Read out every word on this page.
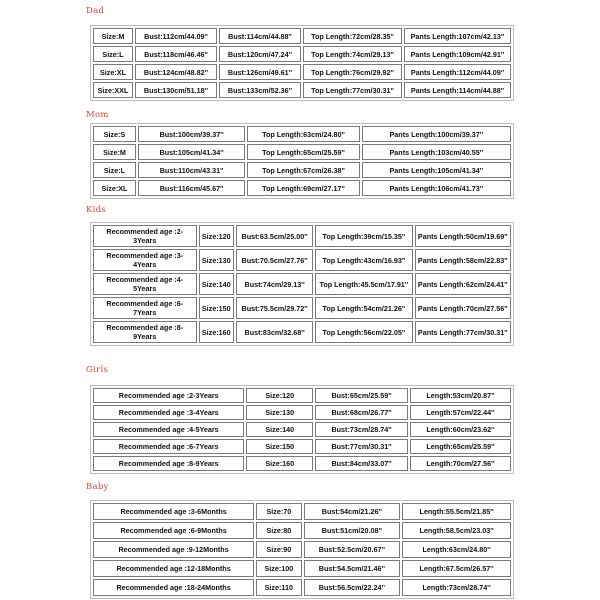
Dad
Size:M	Bust:112cm/44.09''	Bust:114cm/44.88''	Top Length:72cm/28.35''	Pants Length:107cm/42.13''
Size:L	Bust:118cm/46.46''	Bust:120cm/47.24''	Top Length:74cm/29.13''	Pants Length:109cm/42.91''
Size:XL	Bust:124cm/48.82''	Bust:126cm/49.61''	Top Length:76cm/29.92''	Pants Length:112cm/44.09''
Size:XXL	Bust:130cm/51.18''	Bust:133cm/52.36''	Top Length:77cm/30.31''	Pants Length:114cm/44.88''
Mom
Size:S	Bust:100cm/39.37''	Top Length:63cm/24.80''	Pants Length:100cm/39.37''
Size:M	Bust:105cm/41.34''	Top Length:65cm/25.59''	Pants Length:103cm/40.55''
Size:L	Bust:110cm/43.31''	Top Length:67cm/26.38''	Pants Length:105cm/41.34''
Size:XL	Bust:116cm/45.67''	Top Length:69cm/27.17''	Pants Length:106cm/41.73''
Kids
Recommended age :2-3Years	Size:120	Bust:63.5cm/25.00''	Top Length:39cm/15.35''	Pants Length:50cm/19.69''
Recommended age :3-4Years	Size:130	Bust:70.5cm/27.76''	Top Length:43cm/16.93''	Pants Length:58cm/22.83''
Recommended age :4-5Years	Size:140	Bust:74cm/29.13''	Top Length:45.5cm/17.91''	Pants Length:62cm/24.41''
Recommended age :6-7Years	Size:150	Bust:75.5cm/29.72''	Top Length:54cm/21.26''	Pants Length:70cm/27.56''
Recommended age :8-9Years	Size:160	Bust:83cm/32.68''	Top Length:56cm/22.05''	Pants Length:77cm/30.31''
Girls
Recommended age :2-3Years	Size:120	Bust:65cm/25.59''	Length:53cm/20.87''
Recommended age :3-4Years	Size:130	Bust:68cm/26.77''	Length:57cm/22.44''
Recommended age :4-5Years	Size:140	Bust:73cm/28.74''	Length:60cm/23.62''
Recommended age :6-7Years	Size:150	Bust:77cm/30.31''	Length:65cm/25.59''
Recommended age :8-9Years	Size:160	Bust:84cm/33.07''	Length:70cm/27.56''
Baby
Recommended age :3-6Months	Size:70	Bust:54cm/21.26''	Length:55.5cm/21.85''
Recommended age :6-9Months	Size:80	Bust:51cm/20.08''	Length:58.5cm/23.03''
Recommended age :9-12Months	Size:90	Bust:52.5cm/20.67''	Length:63cm/24.80''
Recommended age :12-18Months	Size:100	Bust:54.5cm/21.46''	Length:67.5cm/26.57''
Recommended age :18-24Months	Size:110	Bust:56.5cm/22.24''	Length:73cm/28.74''
